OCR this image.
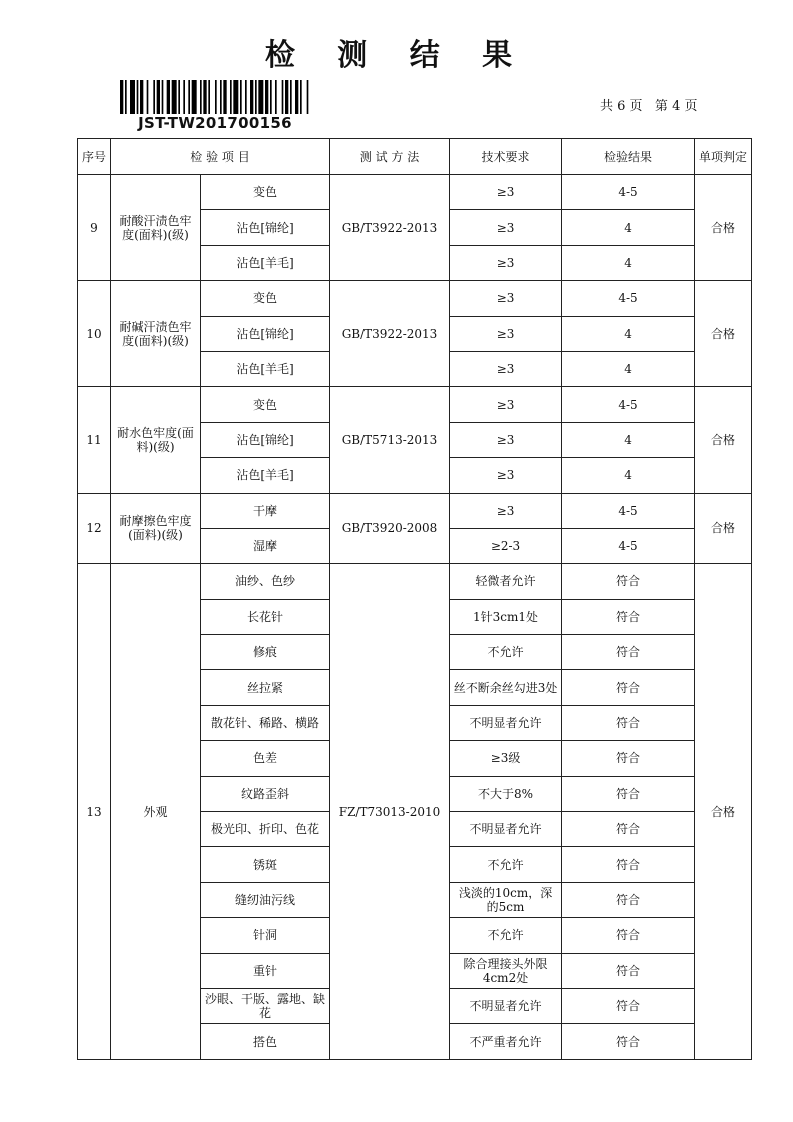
检 测 结 果
JST-TW201700156
共 6 页   第 4 页
序号	检 验 项 目		测 试 方 法	技术要求	检验结果	单项判定
9	耐酸汗渍色牢度(面料)(级)	变色	GB/T3922-2013	≥3	4-5	合格
		沾色[锦纶]		≥3	4	
		沾色[羊毛]		≥3	4	
10	耐碱汗渍色牢度(面料)(级)	变色	GB/T3922-2013	≥3	4-5	合格
		沾色[锦纶]		≥3	4	
		沾色[羊毛]		≥3	4	
11	耐水色牢度(面料)(级)	变色	GB/T5713-2013	≥3	4-5	合格
		沾色[锦纶]		≥3	4	
		沾色[羊毛]		≥3	4	
12	耐摩擦色牢度(面料)(级)	干摩	GB/T3920-2008	≥3	4-5	合格
		湿摩		≥2-3	4-5	
13	外观	油纱、色纱	FZ/T73013-2010	轻微者允许	符合	合格
		长花针		1针3cm1处	符合	
		修痕		不允许	符合	
		丝拉紧		丝不断余丝勾进3处	符合	
		散花针、稀路、横路		不明显者允许	符合	
		色差		≥3级	符合	
		纹路歪斜		不大于8%	符合	
		极光印、折印、色花		不明显者允许	符合	
		锈斑		不允许	符合	
		缝纫油污线		浅淡的10cm，深的5cm	符合	
		针洞		不允许	符合	
		重针		除合理接头外限4cm2处	符合	
		沙眼、干版、露地、缺花		不明显者允许	符合	
		搭色		不严重者允许	符合	
